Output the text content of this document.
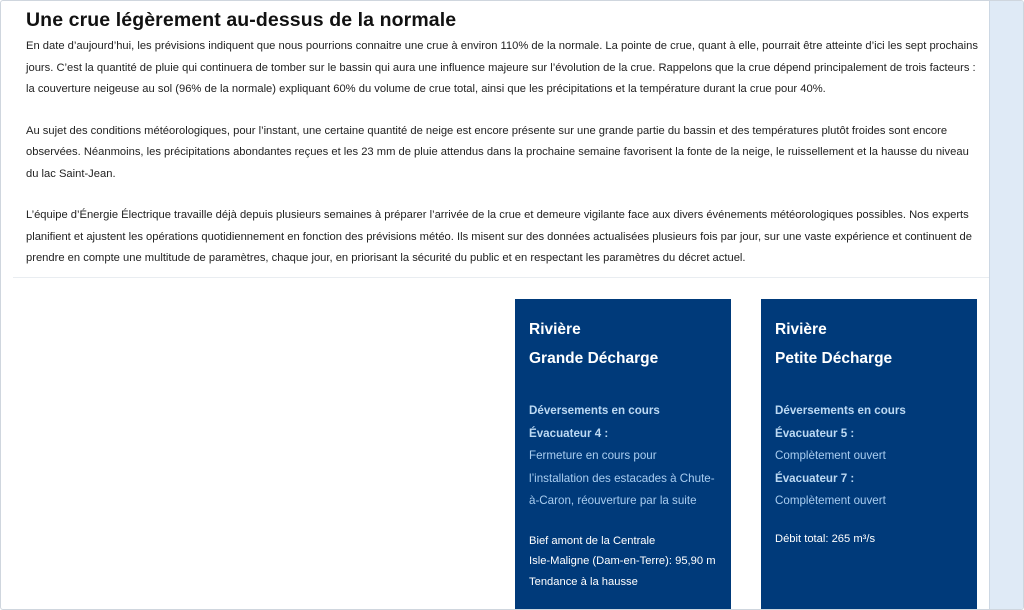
Une crue légèrement au-dessus de la normale

En date d’aujourd’hui, les prévisions indiquent que nous pourrions connaitre une crue à environ 110% de la normale. La pointe de crue, quant à elle, pourrait être atteinte d’ici les sept prochains jours. C’est la quantité de pluie qui continuera de tomber sur le bassin qui aura une influence majeure sur l’évolution de la crue. Rappelons que la crue dépend principalement de trois facteurs : la couverture neigeuse au sol (96% de la normale) expliquant 60% du volume de crue total, ainsi que les précipitations et la température durant la crue pour 40%.

Au sujet des conditions météorologiques, pour l’instant, une certaine quantité de neige est encore présente sur une grande partie du bassin et des températures plutôt froides sont encore observées. Néanmoins, les précipitations abondantes reçues et les 23 mm de pluie attendus dans la prochaine semaine favorisent la fonte de la neige, le ruissellement et la hausse du niveau du lac Saint-Jean.

L’équipe d’Énergie Électrique travaille déjà depuis plusieurs semaines à préparer l’arrivée de la crue et demeure vigilante face aux divers événements météorologiques possibles. Nos experts planifient et ajustent les opérations quotidiennement en fonction des prévisions météo. Ils misent sur des données actualisées plusieurs fois par jour, sur une vaste expérience et continuent de prendre en compte une multitude de paramètres, chaque jour, en priorisant la sécurité du public et en respectant les paramètres du décret actuel.

Rivière
Grande Décharge
Déversements en cours
Évacuateur 4 :
Fermeture en cours pour l’installation des estacades à Chute-à-Caron, réouverture par la suite
Bief amont de la Centrale
Isle-Maligne (Dam-en-Terre): 95,90 m
Tendance à la hausse
Rivière
Petite Décharge
Déversements en cours
Évacuateur 5 :
Complètement ouvert
Évacuateur 7 :
Complètement ouvert
Débit total: 265 m³/s
